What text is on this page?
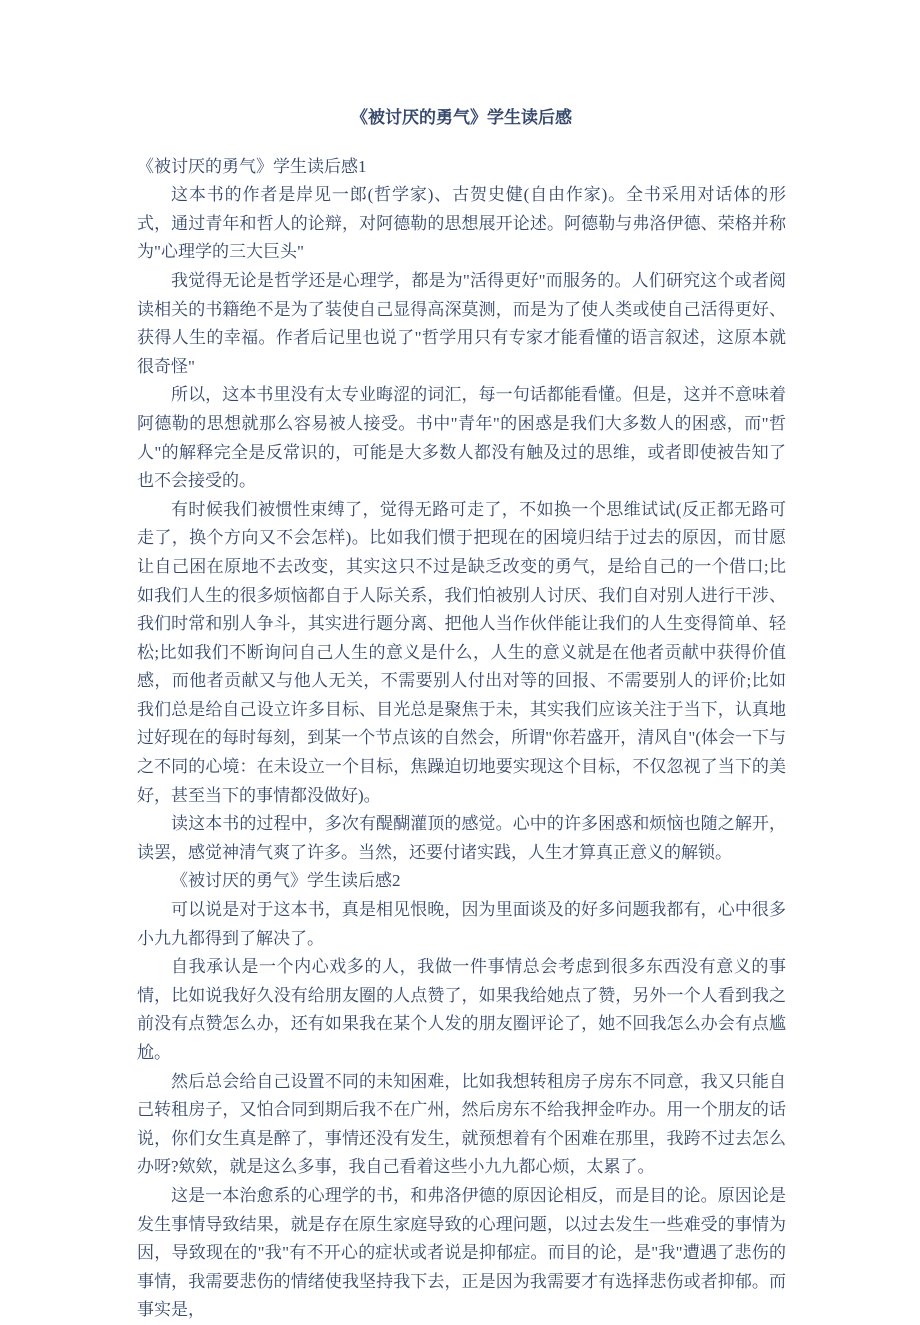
《被讨厌的勇气》学生读后感

《被讨厌的勇气》学生读后感1

这本书的作者是岸见一郎(哲学家)、古贺史健(自由作家)。全书采用对话体的形式，通过青年和哲人的论辩，对阿德勒的思想展开论述。阿德勒与弗洛伊德、荣格并称为"心理学的三大巨头"

我觉得无论是哲学还是心理学，都是为"活得更好"而服务的。人们研究这个或者阅读相关的书籍绝不是为了装使自己显得高深莫测，而是为了使人类或使自己活得更好、获得人生的幸福。作者后记里也说了"哲学用只有专家才能看懂的语言叙述，这原本就很奇怪"

所以，这本书里没有太专业晦涩的词汇，每一句话都能看懂。但是，这并不意味着阿德勒的思想就那么容易被人接受。书中"青年"的困惑是我们大多数人的困惑，而"哲人"的解释完全是反常识的，可能是大多数人都没有触及过的思维，或者即使被告知了也不会接受的。

有时候我们被惯性束缚了，觉得无路可走了，不如换一个思维试试(反正都无路可走了，换个方向又不会怎样)。比如我们惯于把现在的困境归结于过去的原因，而甘愿让自己困在原地不去改变，其实这只不过是缺乏改变的勇气，是给自己的一个借口;比如我们人生的很多烦恼都自于人际关系，我们怕被别人讨厌、我们自对别人进行干涉、我们时常和别人争斗，其实进行题分离、把他人当作伙伴能让我们的人生变得简单、轻松;比如我们不断询问自己人生的意义是什么，人生的意义就是在他者贡献中获得价值感，而他者贡献又与他人无关，不需要别人付出对等的回报、不需要别人的评价;比如我们总是给自己设立许多目标、目光总是聚焦于未，其实我们应该关注于当下，认真地过好现在的每时每刻，到某一个节点该的自然会，所谓"你若盛开，清风自"(体会一下与之不同的心境：在未设立一个目标，焦躁迫切地要实现这个目标，不仅忽视了当下的美好，甚至当下的事情都没做好)。

读这本书的过程中，多次有醍醐灌顶的感觉。心中的许多困惑和烦恼也随之解开，读罢，感觉神清气爽了许多。当然，还要付诸实践，人生才算真正意义的解锁。

《被讨厌的勇气》学生读后感2

可以说是对于这本书，真是相见恨晚，因为里面谈及的好多问题我都有，心中很多小九九都得到了解决了。

自我承认是一个内心戏多的人，我做一件事情总会考虑到很多东西没有意义的事情，比如说我好久没有给朋友圈的人点赞了，如果我给她点了赞，另外一个人看到我之前没有点赞怎么办，还有如果我在某个人发的朋友圈评论了，她不回我怎么办会有点尴尬。

然后总会给自己设置不同的未知困难，比如我想转租房子房东不同意，我又只能自己转租房子，又怕合同到期后我不在广州，然后房东不给我押金咋办。用一个朋友的话说，你们女生真是醉了，事情还没有发生，就预想着有个困难在那里，我跨不过去怎么办呀?欸欸，就是这么多事，我自己看着这些小九九都心烦，太累了。

这是一本治愈系的心理学的书，和弗洛伊德的原因论相反，而是目的论。原因论是发生事情导致结果，就是存在原生家庭导致的心理问题，以过去发生一些难受的事情为因，导致现在的"我"有不开心的症状或者说是抑郁症。而目的论，是"我"遭遇了悲伤的事情，我需要悲伤的情绪使我坚持我下去，正是因为我需要才有选择悲伤或者抑郁。而事实是，
